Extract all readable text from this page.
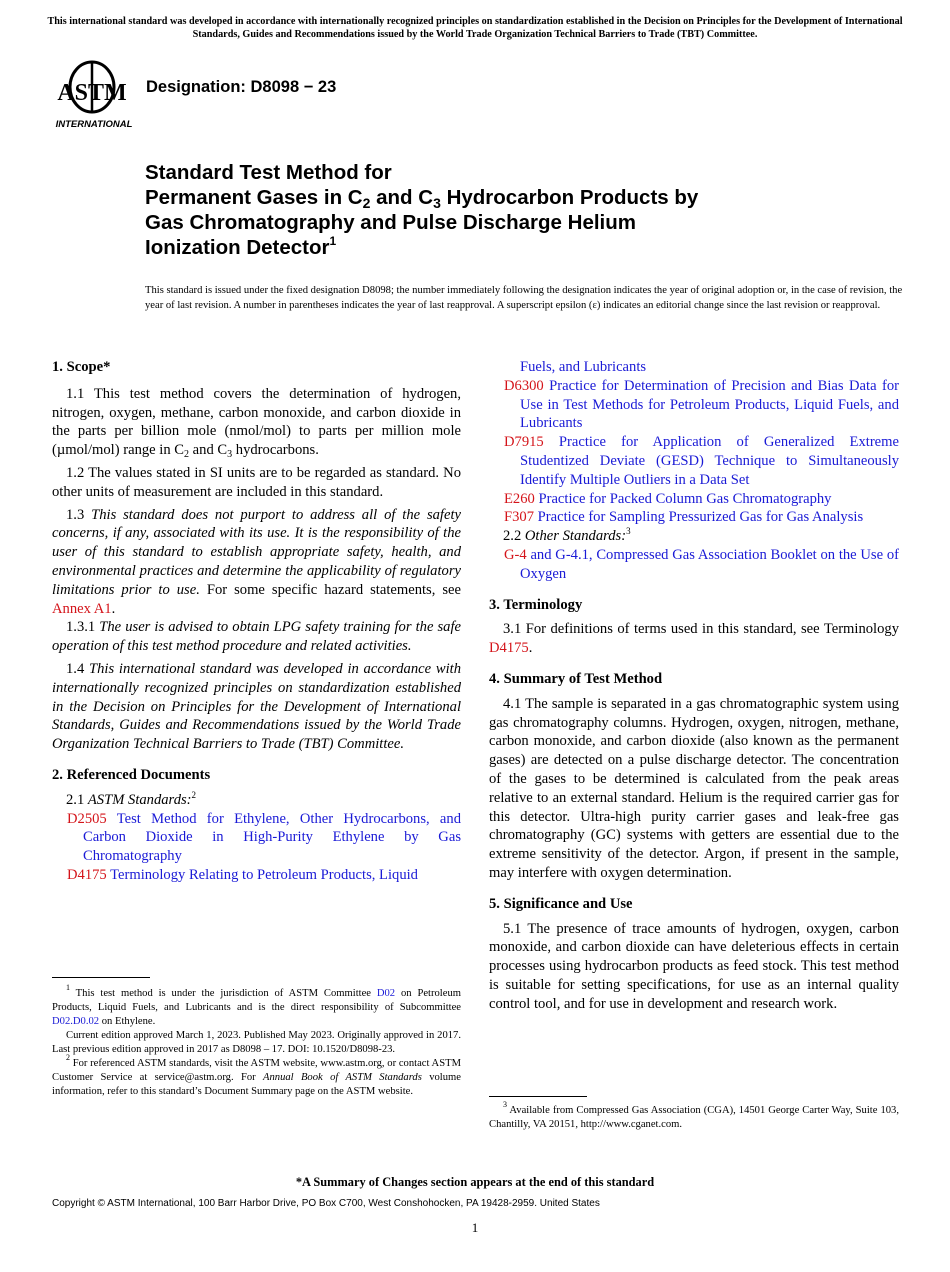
This international standard was developed in accordance with internationally recognized principles on standardization established in the Decision on Principles for the Development of International Standards, Guides and Recommendations issued by the World Trade Organization Technical Barriers to Trade (TBT) Committee.
ASTM
INTERNATIONAL
Designation: D8098 − 23
Standard Test Method for
Permanent Gases in $C_2$ and $C_3$ Hydrocarbon Products by
Gas Chromatography and Pulse Discharge Helium
Ionization Detector$^1$
This standard is issued under the fixed designation D8098; the number immediately following the designation indicates the year of original adoption or, in the case of revision, the year of last revision. A number in parentheses indicates the year of last reapproval. A superscript epsilon (ε) indicates an editorial change since the last revision or reapproval.
1. Scope*

1.1 This test method covers the determination of hydrogen, nitrogen, oxygen, methane, carbon monoxide, and carbon dioxide in the parts per billion mole (nmol/mol) to parts per million mole (µmol/mol) range in $C_2$ and $C_3$ hydrocarbons.

1.2 The values stated in SI units are to be regarded as standard. No other units of measurement are included in this standard.

1.3 This standard does not purport to address all of the safety concerns, if any, associated with its use. It is the responsibility of the user of this standard to establish appropriate safety, health, and environmental practices and determine the applicability of regulatory limitations prior to use. For some specific hazard statements, see Annex A1.

1.3.1 The user is advised to obtain LPG safety training for the safe operation of this test method procedure and related activities.

1.4 This international standard was developed in accordance with internationally recognized principles on standardization established in the Decision on Principles for the Development of International Standards, Guides and Recommendations issued by the World Trade Organization Technical Barriers to Trade (TBT) Committee.

2. Referenced Documents

2.1 ASTM Standards:$^2$

D2505 Test Method for Ethylene, Other Hydrocarbons, and Carbon Dioxide in High-Purity Ethylene by Gas Chromatography
D4175 Terminology Relating to Petroleum Products, Liquid

$^1$ This test method is under the jurisdiction of ASTM Committee D02 on Petroleum Products, Liquid Fuels, and Lubricants and is the direct responsibility of Subcommittee D02.D0.02 on Ethylene.

Current edition approved March 1, 2023. Published May 2023. Originally approved in 2017. Last previous edition approved in 2017 as D8098 – 17. DOI: 10.1520/D8098-23.

$^2$ For referenced ASTM standards, visit the ASTM website, www.astm.org, or contact ASTM Customer Service at service@astm.org. For Annual Book of ASTM Standards volume information, refer to this standard’s Document Summary page on the ASTM website.

Fuels, and Lubricants
D6300 Practice for Determination of Precision and Bias Data for Use in Test Methods for Petroleum Products, Liquid Fuels, and Lubricants
D7915 Practice for Application of Generalized Extreme Studentized Deviate (GESD) Technique to Simultaneously Identify Multiple Outliers in a Data Set
E260 Practice for Packed Column Gas Chromatography
F307 Practice for Sampling Pressurized Gas for Gas Analysis

2.2 Other Standards:$^3$

G-4 and G-4.1, Compressed Gas Association Booklet on the Use of Oxygen
3. Terminology

3.1 For definitions of terms used in this standard, see Terminology D4175.

4. Summary of Test Method

4.1 The sample is separated in a gas chromatographic system using gas chromatography columns. Hydrogen, oxygen, nitrogen, methane, carbon monoxide, and carbon dioxide (also known as the permanent gases) are detected on a pulse discharge detector. The concentration of the gases to be determined is calculated from the peak areas relative to an external standard. Helium is the required carrier gas for this detector. Ultra-high purity carrier gases and leak-free gas chromatography (GC) systems with getters are essential due to the extreme sensitivity of the detector. Argon, if present in the sample, may interfere with oxygen determination.

5. Significance and Use

5.1 The presence of trace amounts of hydrogen, oxygen, carbon monoxide, and carbon dioxide can have deleterious effects in certain processes using hydrocarbon products as feed stock. This test method is suitable for setting specifications, for use as an internal quality control tool, and for use in development and research work.

$^3$ Available from Compressed Gas Association (CGA), 14501 George Carter Way, Suite 103, Chantilly, VA 20151, http://www.cganet.com.

*A Summary of Changes section appears at the end of this standard
Copyright © ASTM International, 100 Barr Harbor Drive, PO Box C700, West Conshohocken, PA 19428-2959. United States
1
